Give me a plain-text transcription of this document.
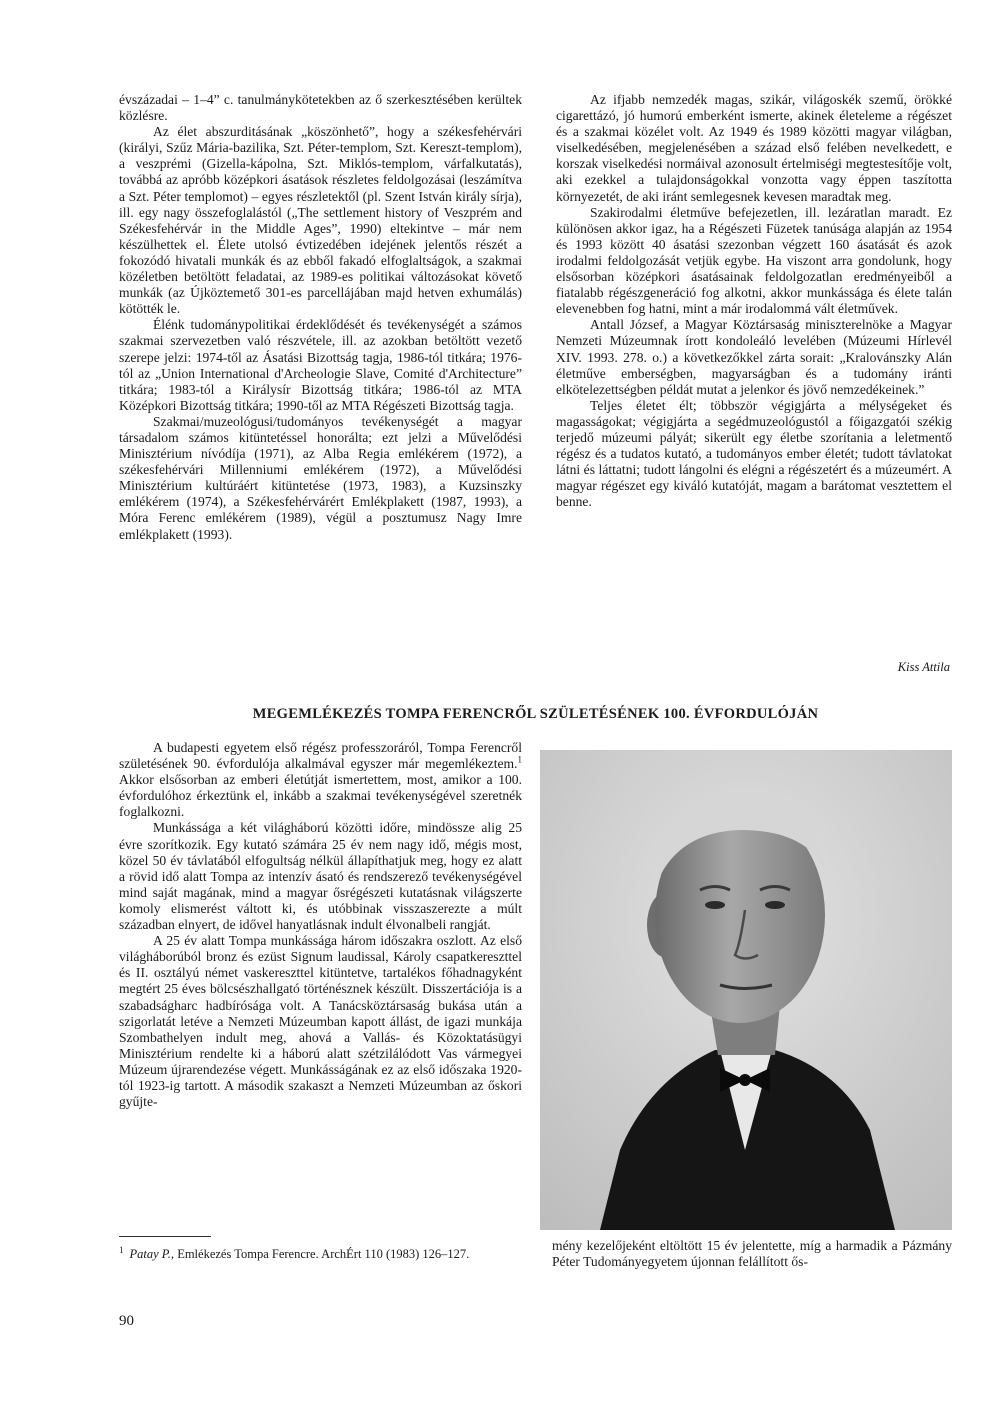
évszázadai – 1–4” c. tanulmánykötetekben az ő szerkesztésében kerültek közlésre.

Az élet abszurditásának „köszönhető”, hogy a székesfehérvári (királyi, Szűz Mária-bazilika, Szt. Péter-templom, Szt. Kereszt-templom), a veszprémi (Gizella-kápolna, Szt. Miklós-templom, várfalkutatás), továbbá az apróbb középkori ásatások részletes feldolgozásai (leszámítva a Szt. Péter templomot) – egyes részletektől (pl. Szent István király sírja), ill. egy nagy összefoglalástól („The settlement history of Veszprém and Székesfehérvár in the Middle Ages”, 1990) eltekintve – már nem készülhettek el. Élete utolsó évtizedében idejének jelentős részét a fokozódó hivatali munkák és az ebből fakadó elfoglaltságok, a szakmai közéletben betöltött feladatai, az 1989-es politikai változásokat követő munkák (az Újköztemető 301-es parcellájában majd hetven exhumálás) kötötték le.

Élénk tudománypolitikai érdeklődését és tevékenységét a számos szakmai szervezetben való részvétele, ill. az azokban betöltött vezető szerepe jelzi: 1974-től az Ásatási Bizottság tagja, 1986-tól titkára; 1976-tól az „Union International d'Archeologie Slave, Comité d'Architecture” titkára; 1983-tól a Királysír Bizottság titkára; 1986-tól az MTA Középkori Bizottság titkára; 1990-től az MTA Régészeti Bizottság tagja.

Szakmai/muzeológusi/tudományos tevékenységét a magyar társadalom számos kitüntetéssel honorálta; ezt jelzi a Művelődési Minisztérium nívódíja (1971), az Alba Regia emlékérem (1972), a székesfehérvári Millenniumi emlékérem (1972), a Művelődési Minisztérium kultúráért kitüntetése (1973, 1983), a Kuzsinszky emlékérem (1974), a Székesfehérvárért Emlékplakett (1987, 1993), a Móra Ferenc emlékérem (1989), végül a posztumusz Nagy Imre emlékplakett (1993).

Az ifjabb nemzedék magas, szikár, világoskék szemű, örökké cigarettázó, jó humorú emberként ismerte, akinek életeleme a régészet és a szakmai közélet volt. Az 1949 és 1989 közötti magyar világban, viselkedésében, megjelenésében a század első felében nevelkedett, e korszak viselkedési normáival azonosult értelmiségi megtestesítője volt, aki ezekkel a tulajdonságokkal vonzotta vagy éppen taszította környezetét, de aki iránt semlegesnek kevesen maradtak meg.

Szakirodalmi életműve befejezetlen, ill. lezáratlan maradt. Ez különösen akkor igaz, ha a Régészeti Füzetek tanúsága alapján az 1954 és 1993 között 40 ásatási szezonban végzett 160 ásatását és azok irodalmi feldolgozását vetjük egybe. Ha viszont arra gondolunk, hogy elsősorban középkori ásatásainak feldolgozatlan eredményeiből a fiatalabb régészgeneráció fog alkotni, akkor munkássága és élete talán elevenebben fog hatni, mint a már irodalommá vált életművek.

Antall József, a Magyar Köztársaság miniszterelnöke a Magyar Nemzeti Múzeumnak írott kondoleáló levelében (Múzeumi Hírlevél XIV. 1993. 278. o.) a következőkkel zárta sorait: „Kralovánszky Alán életműve emberségben, magyarságban és a tudomány iránti elkötelezettségben példát mutat a jelenkor és jövő nemzedékeinek.”

Teljes életet élt; többször végigjárta a mélységeket és magasságokat; végigjárta a segédmuzeológustól a főigazgatói székig terjedő múzeumi pályát; sikerült egy életbe szorítania a leletmentő régész és a tudatos kutató, a tudományos ember életét; tudott távlatokat látni és láttatni; tudott lángolni és elégni a régészetért és a múzeumért. A magyar régészet egy kiváló kutatóját, magam a barátomat vesztettem el benne.

Kiss Attila
MEGEMLÉKEZÉS TOMPA FERENCRŐL SZÜLETÉSÉNEK 100. ÉVFORDULÓJÁN

A budapesti egyetem első régész professzoráról, Tompa Ferencről születésének 90. évfordulója alkalmával egyszer már megemlékeztem.$^1$ Akkor elsősorban az emberi életútját ismertettem, most, amikor a 100. évfordulóhoz érkeztünk el, inkább a szakmai tevékenységével szeretnék foglalkozni.

Munkássága a két világháború közötti időre, mindössze alig 25 évre szorítkozik. Egy kutató számára 25 év nem nagy idő, mégis most, közel 50 év távlatából elfogultság nélkül állapíthatjuk meg, hogy ez alatt a rövid idő alatt Tompa az intenzív ásató és rendszerező tevékenységével mind saját magának, mind a magyar ősrégészeti kutatásnak világszerte komoly elismerést váltott ki, és utóbbinak visszaszerezte a múlt században elnyert, de idővel hanyatlásnak indult élvonalbeli rangját.

A 25 év alatt Tompa munkássága három időszakra oszlott. Az első világháborúból bronz és ezüst Signum laudissal, Károly csapatkereszttel és II. osztályú német vaskereszttel kitüntetve, tartalékos főhadnagyként megtért 25 éves bölcsészhallgató történésznek készült. Disszertációja is a szabadságharc hadbírósága volt. A Tanácsköztársaság bukása után a szigorlatát letéve a Nemzeti Múzeumban kapott állást, de igazi munkája Szombathelyen indult meg, ahová a Vallás- és Közoktatásügyi Minisztérium rendelte ki a háború alatt szétzilálódott Vas vármegyei Múzeum újrarendezése végett. Munkásságának ez az első időszaka 1920-tól 1923-ig tartott. A második szakaszt a Nemzeti Múzeumban az őskori gyűjte-

mény kezelőjeként eltöltött 15 év jelentette, míg a harmadik a Pázmány Péter Tudományegyetem újonnan felállított ős-

$^1$ Patay P., Emlékezés Tompa Ferencre. ArchÉrt 110 (1983) 126–127.
90
